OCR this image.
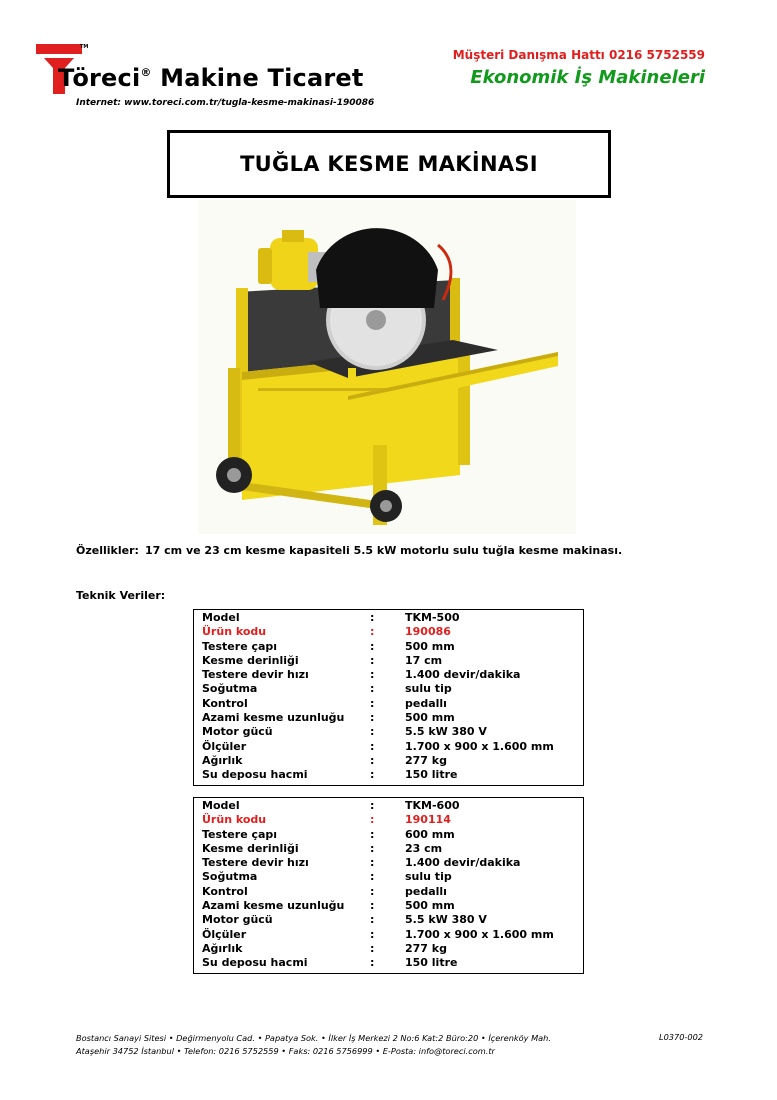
TM
Töreci® Makine Ticaret
Internet: www.toreci.com.tr/tugla-kesme-makinasi-190086
Müşteri Danışma Hattı 0216 5752559
Ekonomik İş Makineleri
TUĞLA KESME MAKİNASI
Özellikler: 17 cm ve 23 cm kesme kapasiteli 5.5 kW motorlu sulu tuğla kesme makinası.
Teknik Veriler:
Model	:	TKM-500
Ürün kodu	:	190086
Testere çapı	:	500 mm
Kesme derinliği	:	17 cm
Testere devir hızı	:	1.400 devir/dakika
Soğutma	:	sulu tip
Kontrol	:	pedallı
Azami kesme uzunluğu	:	500 mm
Motor gücü	:	5.5 kW 380 V
Ölçüler	:	1.700 x 900 x 1.600 mm
Ağırlık	:	277 kg
Su deposu hacmi	:	150 litre
Model	:	TKM-600
Ürün kodu	:	190114
Testere çapı	:	600 mm
Kesme derinliği	:	23 cm
Testere devir hızı	:	1.400 devir/dakika
Soğutma	:	sulu tip
Kontrol	:	pedallı
Azami kesme uzunluğu	:	500 mm
Motor gücü	:	5.5 kW 380 V
Ölçüler	:	1.700 x 900 x 1.600 mm
Ağırlık	:	277 kg
Su deposu hacmi	:	150 litre
Bostancı Sanayi Sitesi • Değirmenyolu Cad. • Papatya Sok. • İlker İş Merkezi 2 No:6 Kat:2 Büro:20 • İçerenköy Mah.
Ataşehir 34752 İstanbul • Telefon: 0216 5752559 • Faks: 0216 5756999 • E-Posta: info@toreci.com.tr
L0370-002
